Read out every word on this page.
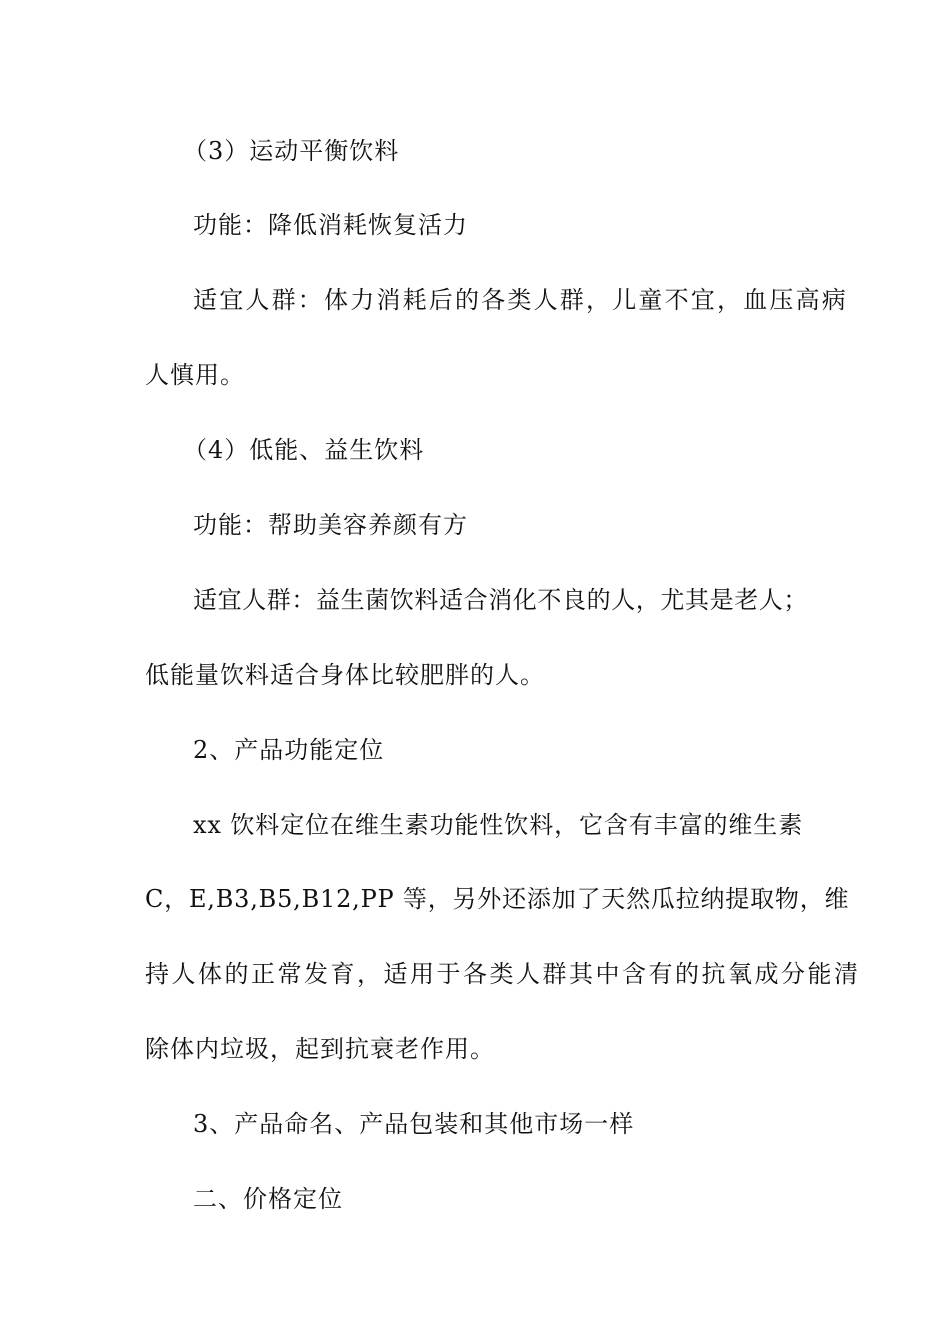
（3）运动平衡饮料
功能：降低消耗恢复活力
适宜人群：体力消耗后的各类人群，儿童不宜，血压高病
人慎用。
（4）低能、益生饮料
功能：帮助美容养颜有方
适宜人群：益生菌饮料适合消化不良的人，尤其是老人；
低能量饮料适合身体比较肥胖的人。
2、产品功能定位
xx 饮料定位在维生素功能性饮料，它含有丰富的维生素
C，E,B3,B5,B12,PP 等，另外还添加了天然瓜拉纳提取物，维
持人体的正常发育，适用于各类人群其中含有的抗氧成分能清
除体内垃圾，起到抗衰老作用。
3、产品命名、产品包装和其他市场一样
二、价格定位
